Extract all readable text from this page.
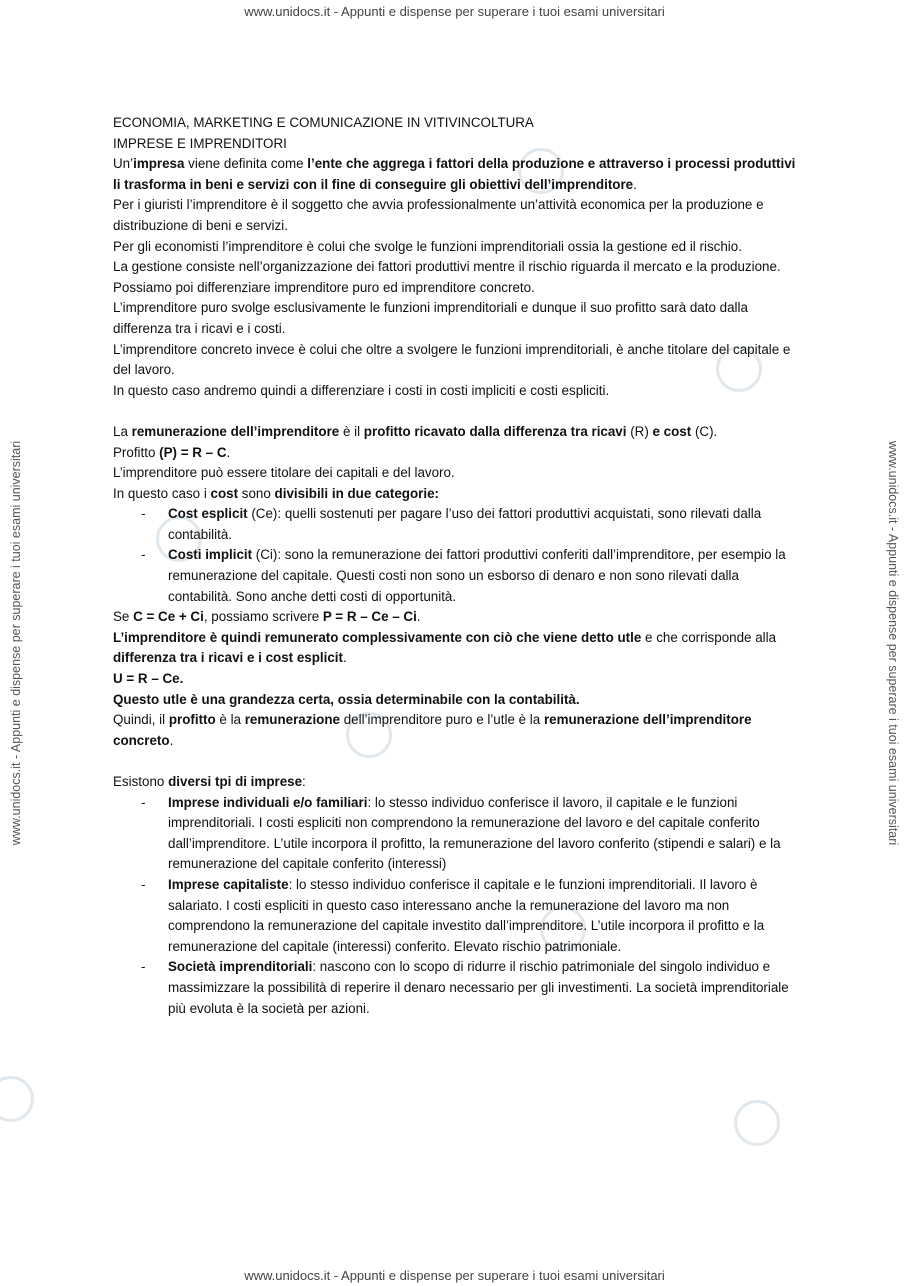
www.unidocs.it - Appunti e dispense per superare i tuoi esami universitari
www.unidocs.it - Appunti e dispense per superare i tuoi esami universitari	www.unidocs.it - Appunti e dispense per superare i tuoi esami universitari

ECONOMIA, MARKETING E COMUNICAZIONE IN VITIVINCOLTURA

IMPRESE E IMPRENDITORI

Un’impresa viene definita come l’ente che aggrega i fattori della produzione e attraverso i processi produttivi li trasforma in beni e servizi con il fine di conseguire gli obiettivi dell’imprenditore.

Per i giuristi l’imprenditore è il soggetto che avvia professionalmente un’attività economica per la produzione e distribuzione di beni e servizi.

Per gli economisti l’imprenditore è colui che svolge le funzioni imprenditoriali ossia la gestione ed il rischio.

La gestione consiste nell’organizzazione dei fattori produttivi mentre il rischio riguarda il mercato e la produzione.

Possiamo poi differenziare imprenditore puro ed imprenditore concreto.

L’imprenditore puro svolge esclusivamente le funzioni imprenditoriali e dunque il suo profitto sarà dato dalla differenza tra i ricavi e i costi.

L’imprenditore concreto invece è colui che oltre a svolgere le funzioni imprenditoriali, è anche titolare del capitale e del lavoro.

In questo caso andremo quindi a differenziare i costi in costi impliciti e costi espliciti.

La remunerazione dell’imprenditore è il profitto ricavato dalla differenza tra ricavi (R) e cost (C).

Profitto (P) = R – C.

L’imprenditore può essere titolare dei capitali e del lavoro.

In questo caso i cost sono divisibili in due categorie:

- Cost esplicit (Ce): quelli sostenuti per pagare l’uso dei fattori produttivi acquistati, sono rilevati dalla contabilità.
- Costi implicit (Ci): sono la remunerazione dei fattori produttivi conferiti dall’imprenditore, per esempio la remunerazione del capitale. Questi costi non sono un esborso di denaro e non sono rilevati dalla contabilità. Sono anche detti costi di opportunità.

Se C = Ce + Ci, possiamo scrivere P = R – Ce – Ci.

L’imprenditore è quindi remunerato complessivamente con ciò che viene detto utle e che corrisponde alla differenza tra i ricavi e i cost esplicit.

U = R – Ce.

Questo utle è una grandezza certa, ossia determinabile con la contabilità.

Quindi, il profitto è la remunerazione dell’imprenditore puro e l’utle è la remunerazione dell’imprenditore concreto.

Esistono diversi tpi di imprese:

- Imprese individuali e/o familiari: lo stesso individuo conferisce il lavoro, il capitale e le funzioni imprenditoriali. I costi espliciti non comprendono la remunerazione del lavoro e del capitale conferito dall’imprenditore. L’utile incorpora il profitto, la remunerazione del lavoro conferito (stipendi e salari) e la remunerazione del capitale conferito (interessi)
- Imprese capitaliste: lo stesso individuo conferisce il capitale e le funzioni imprenditoriali. Il lavoro è salariato. I costi espliciti in questo caso interessano anche la remunerazione del lavoro ma non comprendono la remunerazione del capitale investito dall’imprenditore. L’utile incorpora il profitto e la remunerazione del capitale (interessi) conferito. Elevato rischio patrimoniale.
- Società imprenditoriali: nascono con lo scopo di ridurre il rischio patrimoniale del singolo individuo e massimizzare la possibilità di reperire il denaro necessario per gli investimenti. La società imprenditoriale più evoluta è la società per azioni.
www.unidocs.it - Appunti e dispense per superare i tuoi esami universitari
